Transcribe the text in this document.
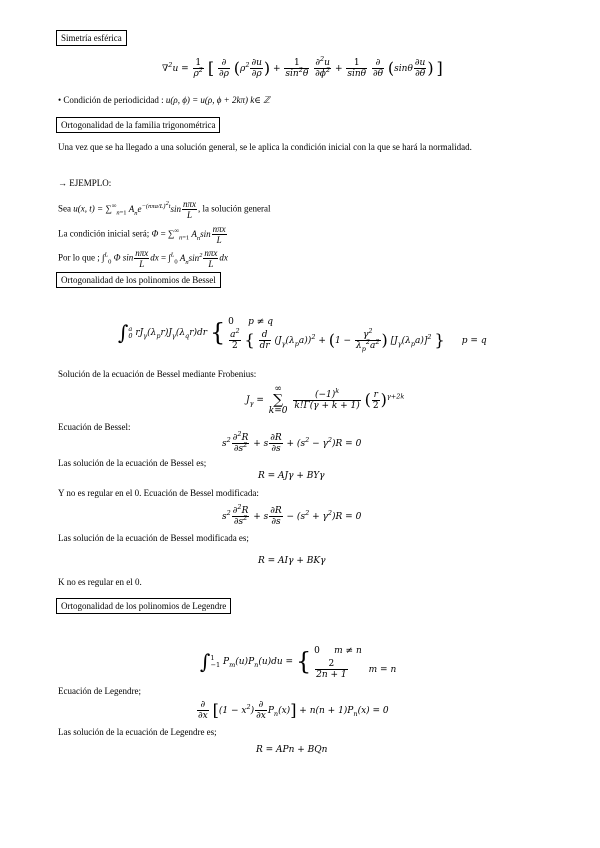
Simetría esférica
$\nabla^2u = \frac{1}{\rho^2}$ [ ∂
∂ρ ($\rho^2 \frac{\partial u}{\partial\rho}$ ) + $\frac{1}{\sin^2\theta}$
$\frac{\partial^2u}{\partial\phi^2} + \frac{1}{\sin\theta}$
∂
∂θ ($\sin\theta \frac{\partial u}{\partial\theta}$ ) ]
• Condición de periodicidad : u(ρ, ϕ) = u(ρ, ϕ + 2kπ) k∈ ℤ
Ortogonalidad de la familia trigonométrica
Una vez que se ha llegado a una solución general, se le aplica la condición inicial con la que se hará la normalidad.
→ EJEMPLO:
Sea u(x, $t) = \sum^\infty_{n=1}$ $A_ne^{-(n\pi a/L)^2t}\sin$ nπx
L
, la solución general
La condición inicial será; $\Phi = \sum^\infty_{n=1}$ $A_n\sin$ nπx
L
Por lo que ; ∫$^L_0$ Φ sin nπx
L
dx = ∫$^L_0$ $A_n\sin^2$ nπx
L
dx
Ortogonalidad de los polinomios de Bessel
∫$^a_0$ $rJ_\gamma(\lambda_pr)J_\gamma(\lambda_qr)dr$ { 0 p ≠ q
$\frac{a^2}{2}$ { $\frac{d}{dr} (J_\gamma(\lambda_pa))^2 + (1 - \frac{\gamma^2}{\lambda_p^2a^2}$ ) $[J_\gamma(\lambda_pa)]^2$ } p = q
Solución de la ecuación de Bessel mediante Frobenius:
$J_\gamma$ =
∞
∑
k=0

$\frac{(-1)^k}{k!\Gamma(\gamma + k + 1)}$ ( $\frac{r}{2} )^{\gamma+2k}$
Ecuación de Bessel:
$s^2 \frac{\partial^2R}{\partial s^2} + s \frac{\partial R}{\partial s} + (s^2 - \gamma^2)R = 0$
Las solución de la ecuación de Bessel es;
R = AJγ + BYγ
Y no es regular en el 0. Ecuación de Bessel modificada:
$s^2 \frac{\partial^2R}{\partial s^2} + s \frac{\partial R}{\partial s} - (s^2 + \gamma^2)R = 0$
Las solución de la ecuación de Bessel modificada es;
R = AIγ + BKγ
K no es regular en el 0.
Ortogonalidad de los polinomios de Legendre
∫$^1_{-1}$ $P_m(u)P_n(u)du$ = { 0 m ≠ n
$\frac{2}{2n + 1}$ m = n
Ecuación de Legendre;
∂
∂x [$(1 - x^2)$
∂
∂x $P_n(x)] + n(n + 1)P_n(x) = 0$
Las solución de la ecuación de Legendre es;
R = APn + BQn
